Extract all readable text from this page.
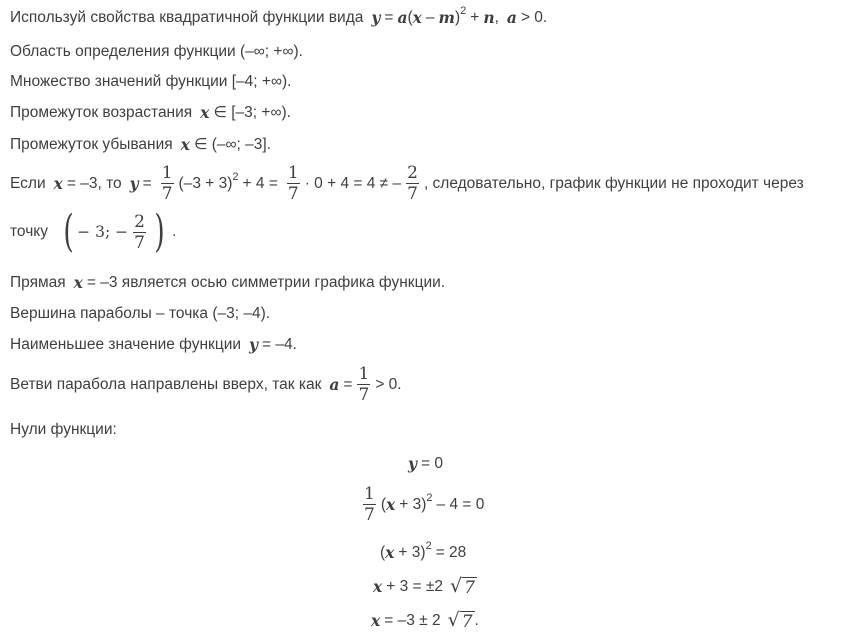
Используй свойства квадратичной функции вида y = a ( x – m ) 2 + n , a > 0.
Область определения функции (–∞; +∞).
Множество значений функции [–4; +∞).
Промежуток возрастания x ∈ [–3; +∞).
Промежуток убывания x ∈ (–∞; –3].
Если x = –3, то $y = \frac{1}{7} (-3 + 3) 2 + 4 = \frac{1}{7} \cdot 0 + 4 = 4$ ≠ – $\frac{2}{7}$ , следовательно, график функции не проходит через
точку ( − 3; − $\frac{2}{7}$ ) .
Прямая x = –3 является осью симметрии графика функции.
Вершина параболы – точка (–3; –4).
Наименьшее значение функции y = –4.
Ветви парабола направлены вверх, так как $a = \frac{1}{7} > 0$.
Нули функции:
y = 0
$\frac{1}{7}$ ( x + 3) 2 – 4 = 0
( x + 3) 2 = 28
x + 3 = ±2 √ 7
x = –3 ± 2 √ 7 .
